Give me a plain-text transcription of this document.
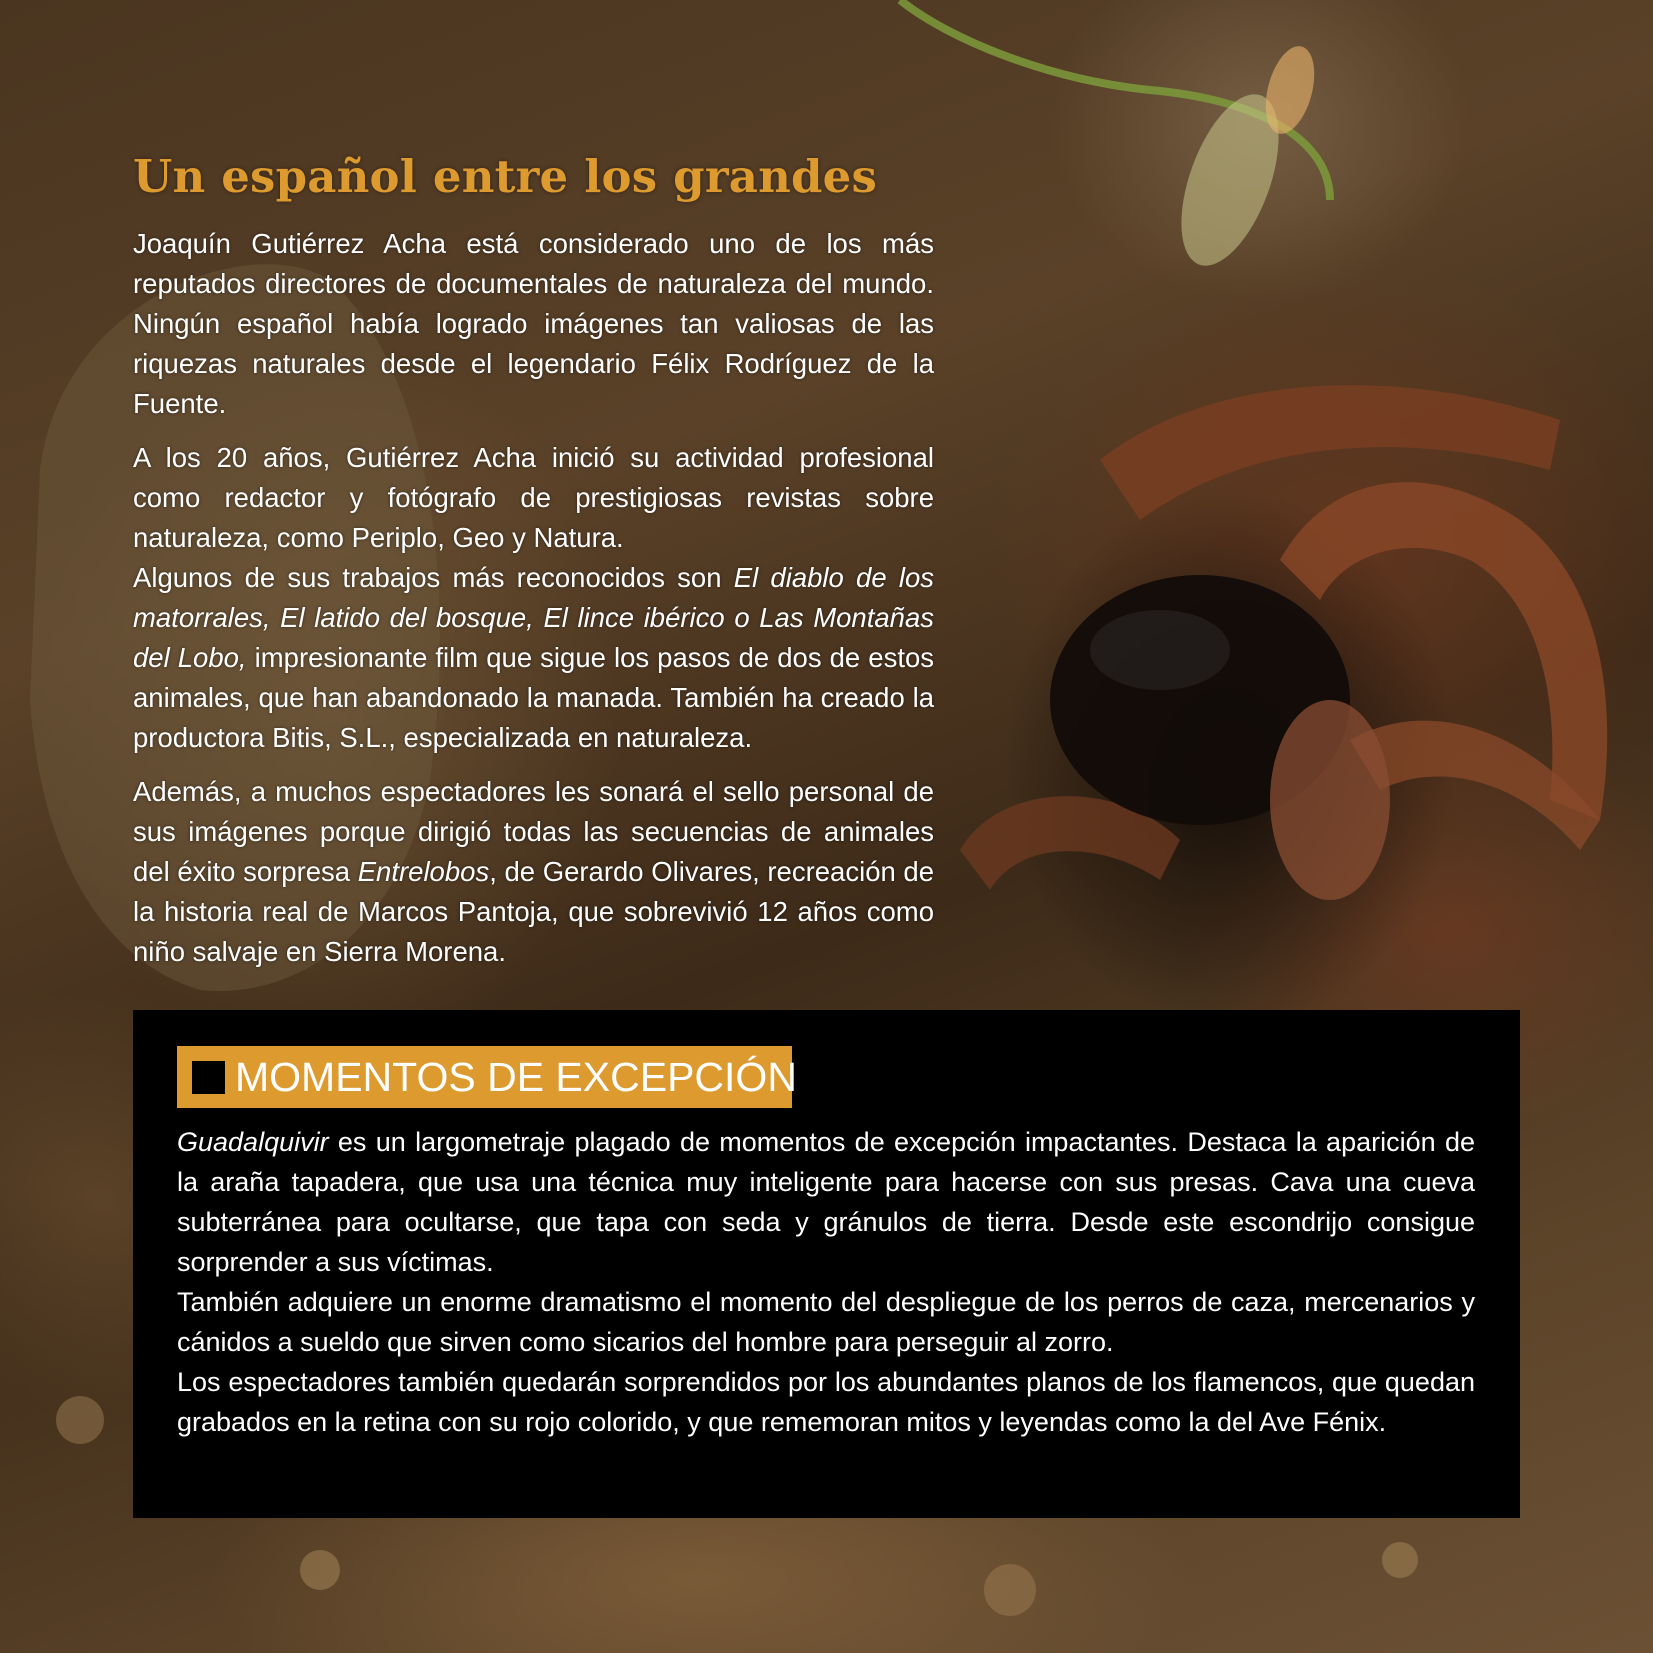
Un español entre los grandes

Joaquín Gutiérrez Acha está considerado uno de los más reputados directores de documentales de naturaleza del mundo. Ningún español había logrado imágenes tan valiosas de las riquezas naturales desde el legendario Félix Rodríguez de la Fuente.

A los 20 años, Gutiérrez Acha inició su actividad profesional como redactor y fotógrafo de prestigiosas revistas sobre naturaleza, como Periplo, Geo y Natura.

Algunos de sus trabajos más reconocidos son El diablo de los matorrales, El latido del bosque, El lince ibérico o Las Montañas del Lobo, impresionante film que sigue los pasos de dos de estos animales, que han abandonado la manada. También ha creado la productora Bitis, S.L., especializada en naturaleza.

Además, a muchos espectadores les sonará el sello personal de sus imágenes porque dirigió todas las secuencias de animales del éxito sorpresa Entrelobos, de Gerardo Olivares, recreación de la historia real de Marcos Pantoja, que sobrevivió 12 años como niño salvaje en Sierra Morena.

MOMENTOS DE EXCEPCIÓN

Guadalquivir es un largometraje plagado de momentos de excepción impactantes. Destaca la aparición de la araña tapadera, que usa una técnica muy inteligente para hacerse con sus presas. Cava una cueva subterránea para ocultarse, que tapa con seda y gránulos de tierra. Desde este escondrijo consigue sorprender a sus víctimas.

También adquiere un enorme dramatismo el momento del despliegue de los perros de caza, mercenarios y cánidos a sueldo que sirven como sicarios del hombre para perseguir al zorro.

Los espectadores también quedarán sorprendidos por los abundantes planos de los flamencos, que quedan grabados en la retina con su rojo colorido, y que rememoran mitos y leyendas como la del Ave Fénix.
